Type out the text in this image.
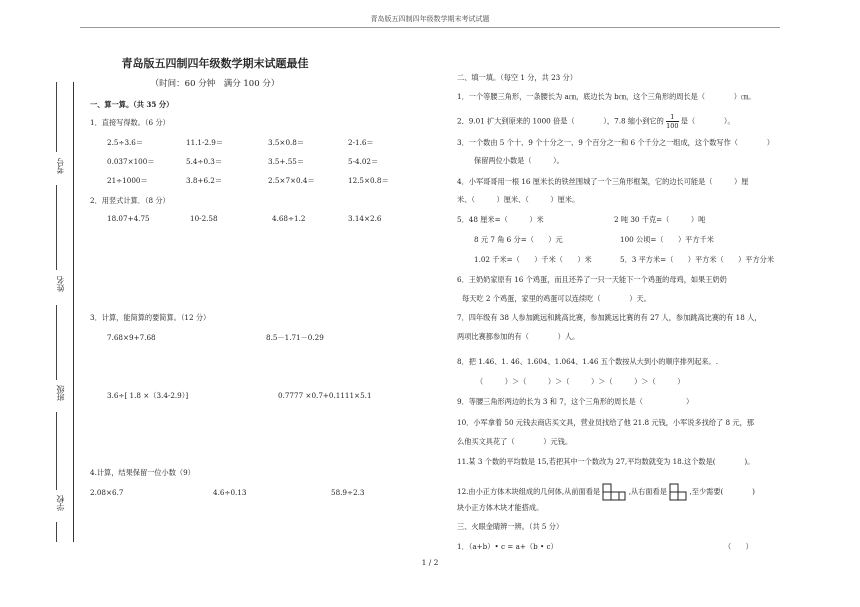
青岛版五四制四年级数学期末考试试题
考号
姓名
班级
学校
青岛版五四制四年级数学期末试题最佳
（时间：60 分钟　满分 100 分）
一、算一算。（共 35 分）
1．直接写得数。（6 分）
2.5÷3.6＝	11.1-2.9＝	3.5×0.8＝	2-1.6＝
0.037×100＝	5.4÷0.3＝	3.5+.55＝	5-4.02＝
21÷1000＝	3.8+6.2＝	2.5×7×0.4＝	12.5×0.8＝
2．用竖式计算．（8 分）
18.07+4.75	10-2.58	4.68÷1.2	3.14×2.6
3．计算，能简算的要简算。（12 分）
7.68×9+7.68	8.5－1.71－0.29
3.6÷[ 1.8 ×（3.4-2.9）]	0.7777 ×0.7+0.1111×5.1
4.计算，结果保留一位小数（9）
2.08×6.7	4.6÷0.13	58.9÷2.3
二、填一填。（每空 1 分，共 23 分）
1．一个等腰三角形，一条腰长为 a㎝，底边长为 b㎝，这个三角形的周长是（　　　　）㎝。
2．9.01 扩大到原来的 1000 倍是（　　　　），7.8 缩小到它的 $\frac{1}{100}$ 是（　　　　）。
3．一个数由 5 个十、9 个十分之一、9 个百分之一和 6 个千分之一组成，这个数写作（　　　　）
保留两位小数是（　　　）。
4．小军哥哥用一根 16 厘米长的铁丝围城了一个三角形框架，它的边长可能是（　　　）厘
米、（　　　）厘米、（　　　）厘米。
5．48 厘米=（　　　）米	2 吨 30 千克=（　　　）吨
8 元 7 角 6 分=（　　）元	100 公顷=（　　）平方千米
1.02 千米=（　　）千米（　　）米	5．3 平方米=（　　）平方米（　　）平方分米
6．王奶奶家原有 16 个鸡蛋，而且还养了一只一天能下一个鸡蛋的母鸡，如果王奶奶
每天吃 2 个鸡蛋，家里的鸡蛋可以连续吃（　　　　）天。
7．四年级有 38 人参加跳远和跳高比赛，参加跳远比赛的有 27 人，参加跳高比赛的有 18 人，
两项比赛都参加的有（　　　　）人。
8．把 1.46、1. 46、1.604、1.064、1.46 五个数按从大到小的顺序排列起来。.
（　　　）＞（　　　）＞（　　　）＞（　　　）＞（　　　）
9．等腰三角形两边的长为 3 和 7，这个三角形的周长是（　　　　　　）
10．小军拿着 50 元钱去商店买文具，营业员找给了他 21.8 元钱，小军说多找给了 8 元，那
么他买文具花了（　　　　）元钱。
11.某 3 个数的平均数是 15,若把其中一个数改为 27,平均数就变为 18.这个数是(　　　　)。
12.由小正方体木块组成的几何体,从前面看是	,从右面看是	,至少需要(　　　　)
块小正方体木块才能搭成。
三、火眼金睛辨一辨。（共 5 分）
1．（a+b）• c = a+（b • c）	（　　）
1 / 2
